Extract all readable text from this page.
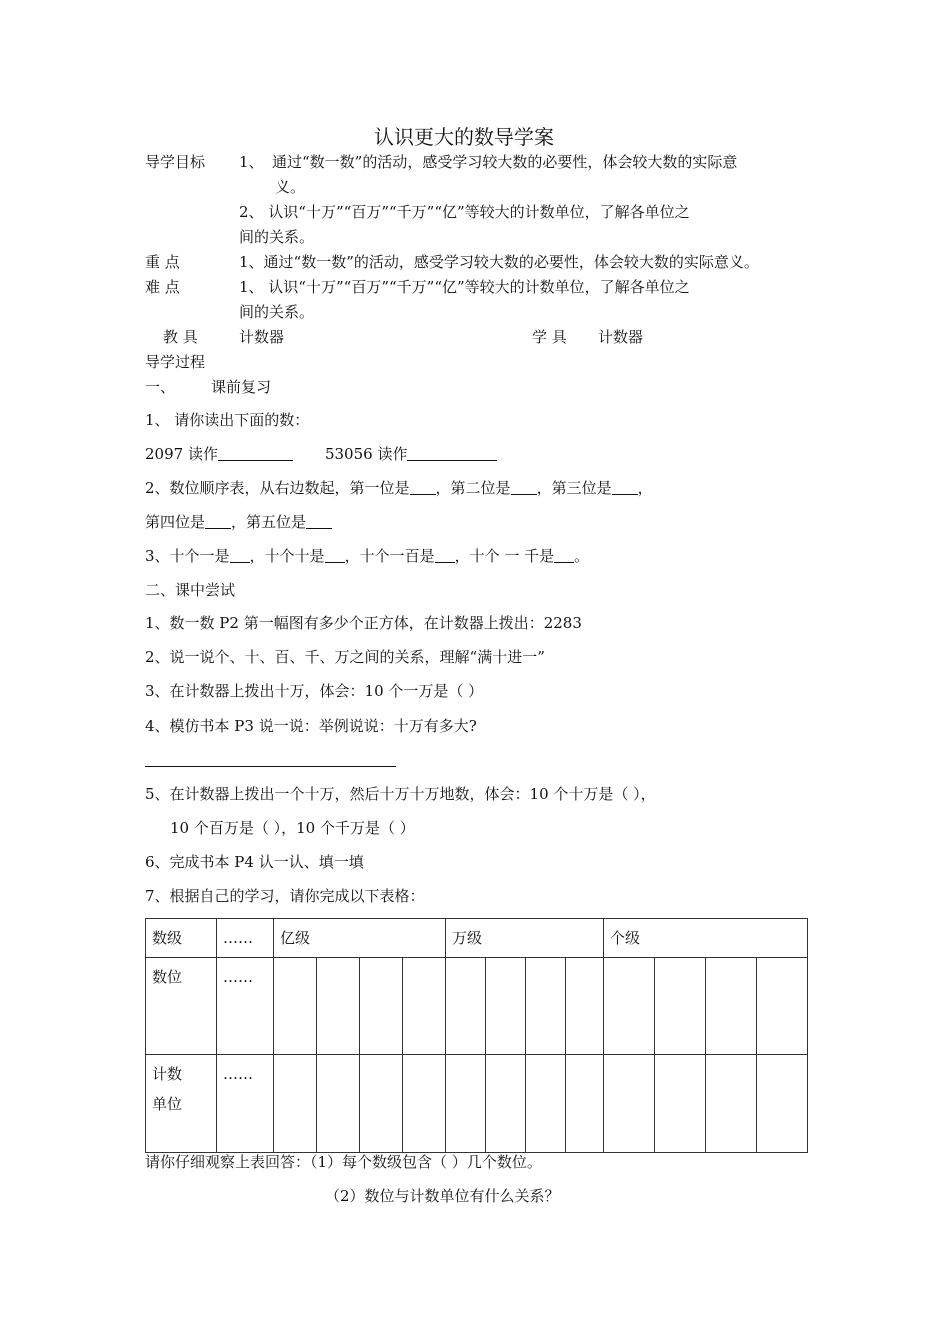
认识更大的数导学案
导学目标 1、 通过“数一数”的活动，感受学习较大数的必要性，体会较大数的实际意
义。
2、 认识“十万”“百万”“千万”“亿”等较大的计数单位，了解各单位之
间的关系。
重 点	1、通过“数一数”的活动，感受学习较大数的必要性，体会较大数的实际意义。
难 点	1、 认识“十万”“百万”“千万”“亿”等较大的计数单位，了解各单位之
间的关系。
教 具	计数器	学 具 计数器
导学过程
一、 课前复习
1、 请你读出下面的数：
2097 读作	53056 读作
2、数位顺序表，从右边数起，第一位是 ，第二位是 ，第三位是 ，
第四位是 ，第五位是
3、十个一是 ，十个十是 ，十个一百是 ，十个 一 千是 。
二、课中尝试
1、数一数 P2 第一幅图有多少个正方体，在计数器上拨出：2283
2、说一说个、十、百、千、万之间的关系，理解“满十进一”
3、在计数器上拨出十万，体会：10 个一万是（ ）
4、模仿书本 P3 说一说：举例说说：十万有多大?
5、在计数器上拨出一个十万，然后十万十万地数，体会：10 个十万是（ ），
10 个百万是（ ），10 个千万是（ ）
6、完成书本 P4 认一认、填一填
7、根据自己的学习，请你完成以下表格：
数级	……	亿级				万级				个级			
数位	……												
计数
单位	……												
请你仔细观察上表回答：（1）每个数级包含（ ）几个数位。
（2）数位与计数单位有什么关系？
